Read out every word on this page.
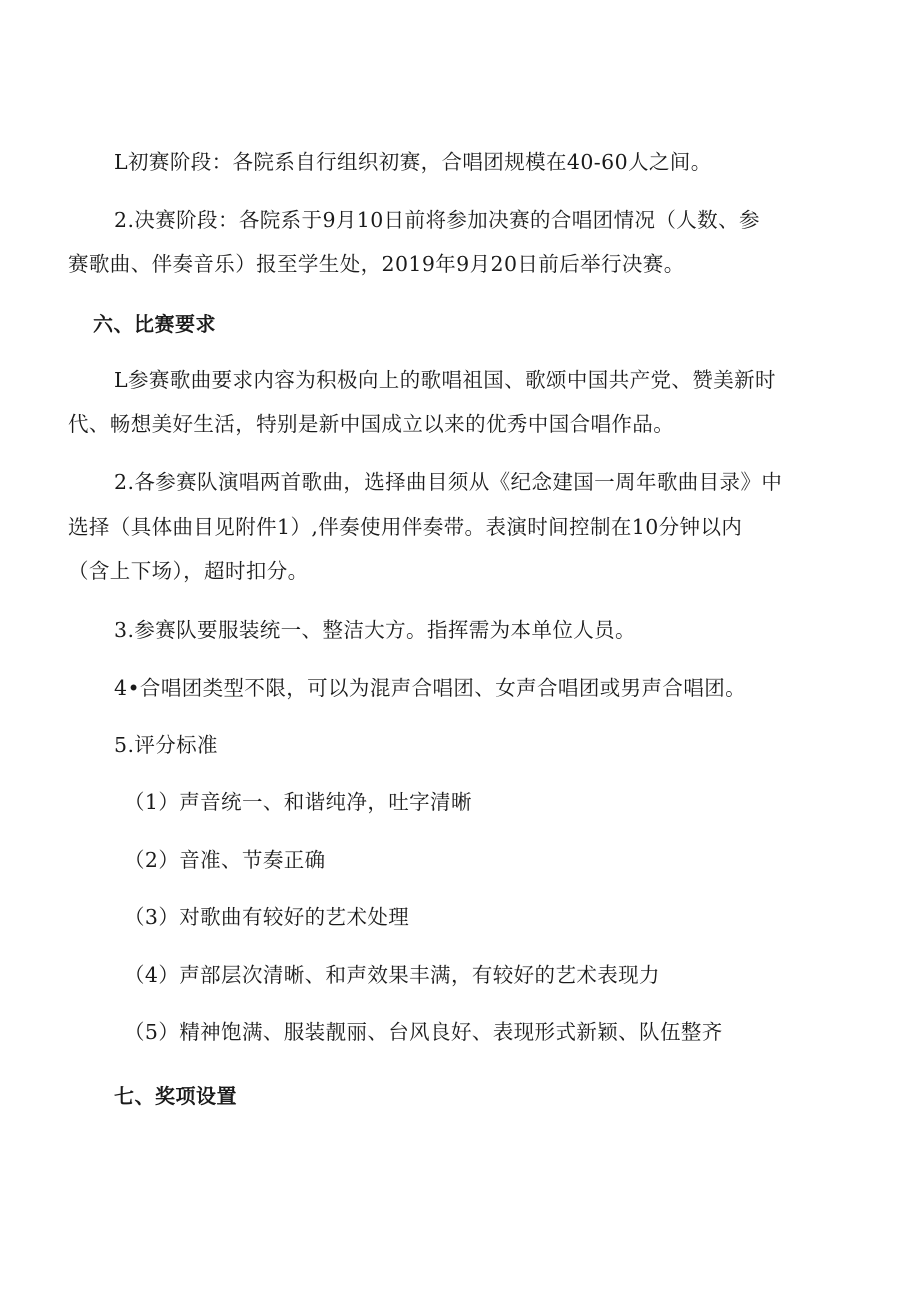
L初赛阶段：各院系自行组织初赛，合唱团规模在40-60人之间。
2.决赛阶段：各院系于9月10日前将参加决赛的合唱团情况（人数、参
赛歌曲、伴奏音乐）报至学生处，2019年9月20日前后举行决赛。
六、比赛要求
L参赛歌曲要求内容为积极向上的歌唱祖国、歌颂中国共产党、赞美新时
代、畅想美好生活，特别是新中国成立以来的优秀中国合唱作品。
2.各参赛队演唱两首歌曲，选择曲目须从《纪念建国一周年歌曲目录》中
选择（具体曲目见附件1）,伴奏使用伴奏带。表演时间控制在10分钟以内
（含上下场），超时扣分。
3.参赛队要服装统一、整洁大方。指挥需为本单位人员。
4•合唱团类型不限，可以为混声合唱团、女声合唱团或男声合唱团。
5.评分标准
（1）声音统一、和谐纯净，吐字清晰
（2）音准、节奏正确
（3）对歌曲有较好的艺术处理
（4）声部层次清晰、和声效果丰满，有较好的艺术表现力
（5）精神饱满、服装靓丽、台风良好、表现形式新颖、队伍整齐
七、奖项设置
